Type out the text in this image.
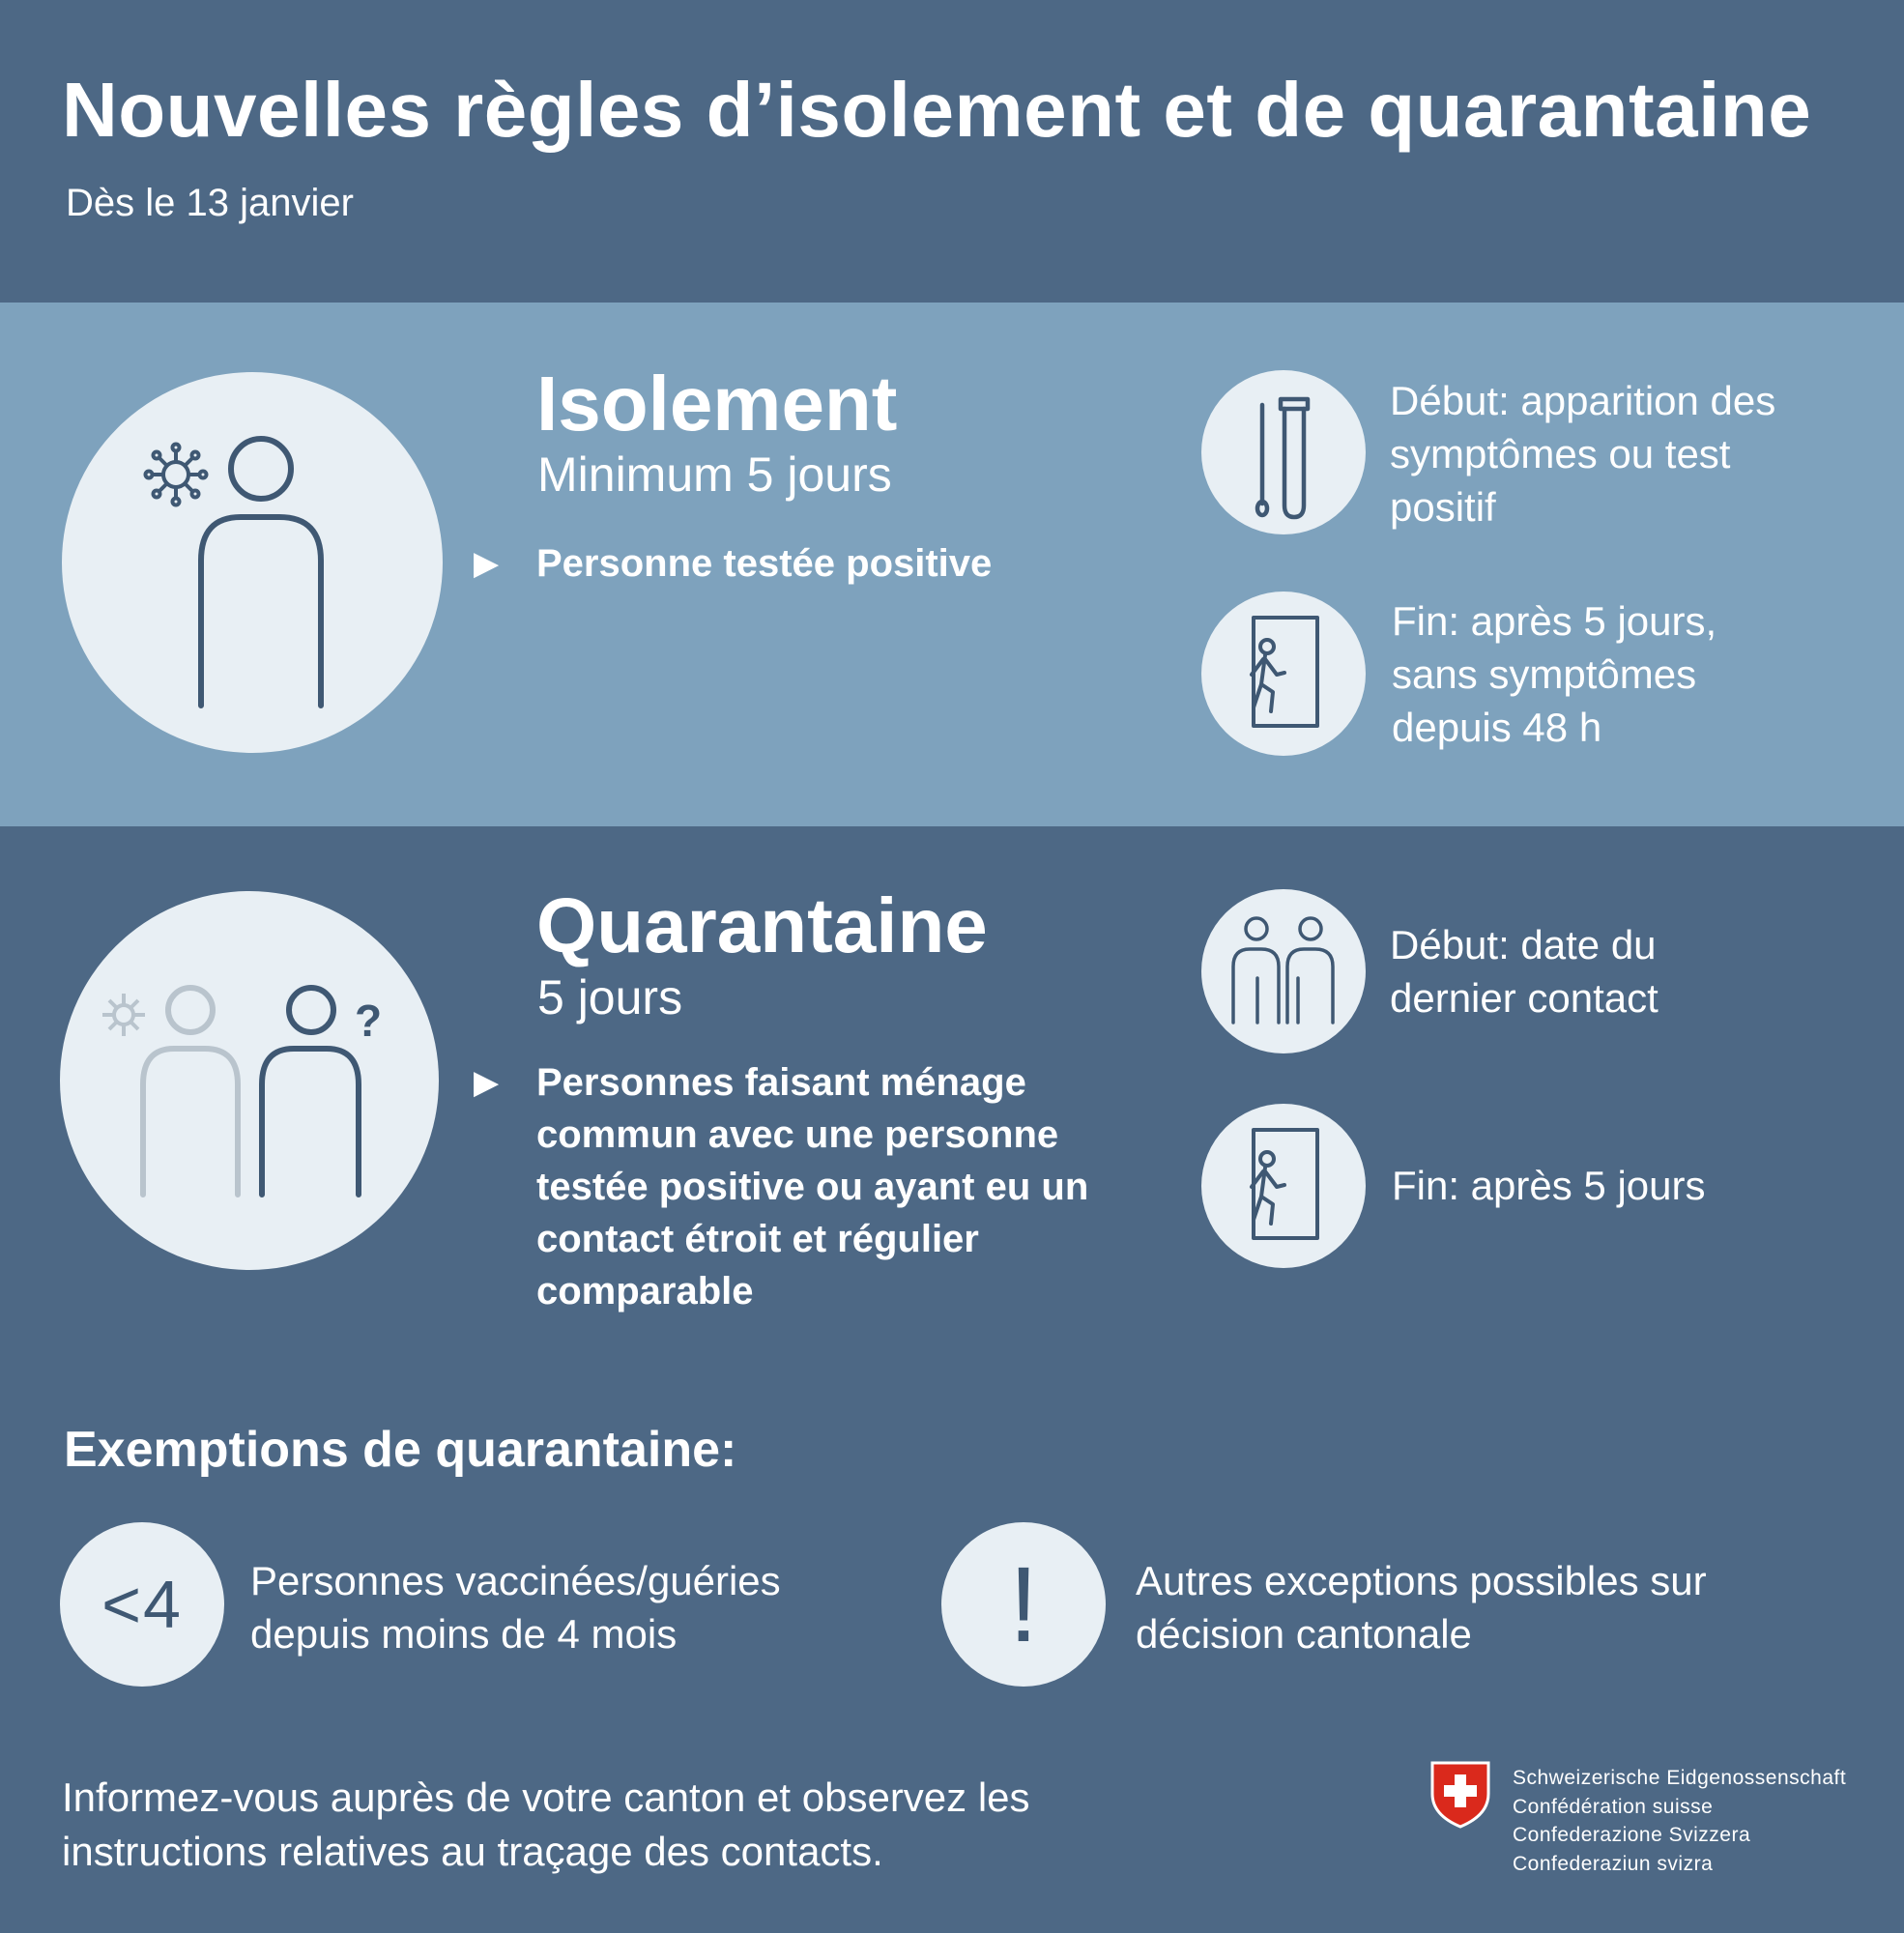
Nouvelles règles d’isolement et de quarantaine
Dès le 13 janvier
Isolement
Minimum 5 jours
▶ Personne testée positive
Début: apparition des symptômes ou test positif
Fin: après 5 jours, sans symptômes depuis 48 h
?
Quarantaine
5 jours
▶ Personnes faisant ménage commun avec une personne testée positive ou ayant eu un contact étroit et régulier comparable
Début: date du dernier contact
Fin: après 5 jours
Exemptions de quarantaine:
<4	Personnes vaccinées/guéries depuis moins de 4 mois	!	Autres exceptions possibles sur décision cantonale
Informez-vous auprès de votre canton et observez les instructions relatives au traçage des contacts.
Schweizerische Eidgenossenschaft
Confédération suisse
Confederazione Svizzera
Confederaziun svizra
